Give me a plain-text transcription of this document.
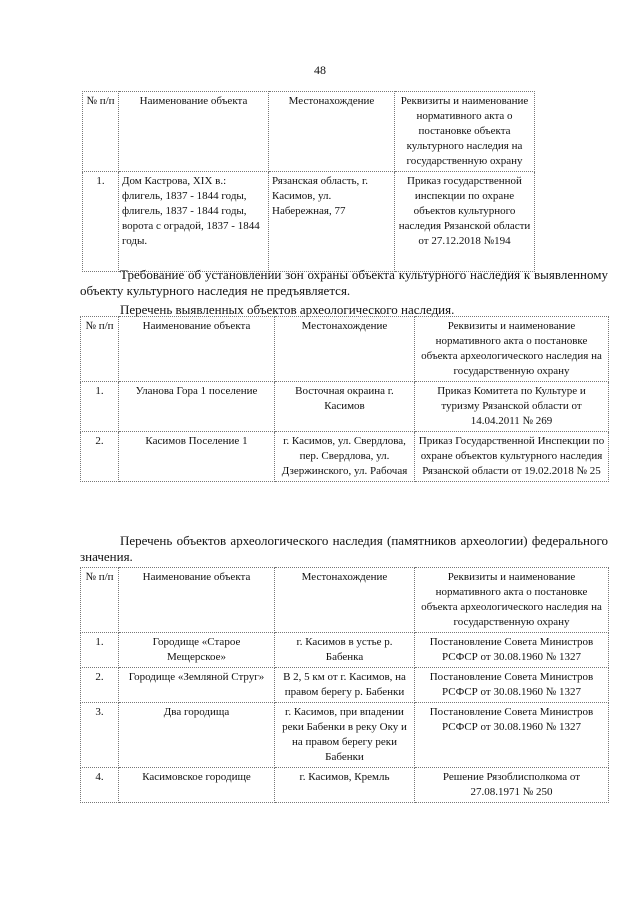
48
№ п/п	Наименование объекта	Местонахождение	Реквизиты и наименование нормативного акта о постановке объекта культурного наследия на государственную охрану
1.	Дом Кастрова, XIX в.: флигель, 1837 - 1844 годы, флигель, 1837 - 1844 годы, ворота с оградой, 1837 - 1844 годы.	Рязанская область, г. Касимов, ул. Набережная, 77	Приказ государственной инспекции по охране объектов культурного наследия Рязанской области от 27.12.2018 №194
Требование об установлении зон охраны объекта культурного наследия к выявленному объекту культурного наследия не предъявляется.
Перечень выявленных объектов археологического наследия.
№ п/п	Наименование объекта	Местонахождение	Реквизиты и наименование нормативного акта о постановке объекта археологического наследия на государственную охрану
1.	Уланова Гора 1 поселение	Восточная окраина г. Касимов	Приказ Комитета по Культуре и туризму Рязанской области от 14.04.2011 № 269
2.	Касимов Поселение 1	г. Касимов, ул. Свердлова, пер. Свердлова, ул. Дзержинского, ул. Рабочая	Приказ Государственной Инспекции по охране объектов культурного наследия Рязанской области от 19.02.2018 № 25
Перечень объектов археологического наследия (памятников археологии) федерального значения.
№ п/п	Наименование объекта	Местонахождение	Реквизиты и наименование нормативного акта о постановке объекта археологического наследия на государственную охрану
1.	Городище «Старое Мещерское»	г. Касимов в устье р. Бабенка	Постановление Совета Министров РСФСР от 30.08.1960 № 1327
2.	Городище «Земляной Струг»	В 2, 5 км от г. Касимов, на правом берегу р. Бабенки	Постановление Совета Министров РСФСР от 30.08.1960 № 1327
3.	Два городища	г. Касимов, при впадении реки Бабенки в реку Оку и на правом берегу реки Бабенки	Постановление Совета Министров РСФСР от 30.08.1960 № 1327
4.	Касимовское городище	г. Касимов, Кремль	Решение Рязоблисполкома от 27.08.1971 № 250
